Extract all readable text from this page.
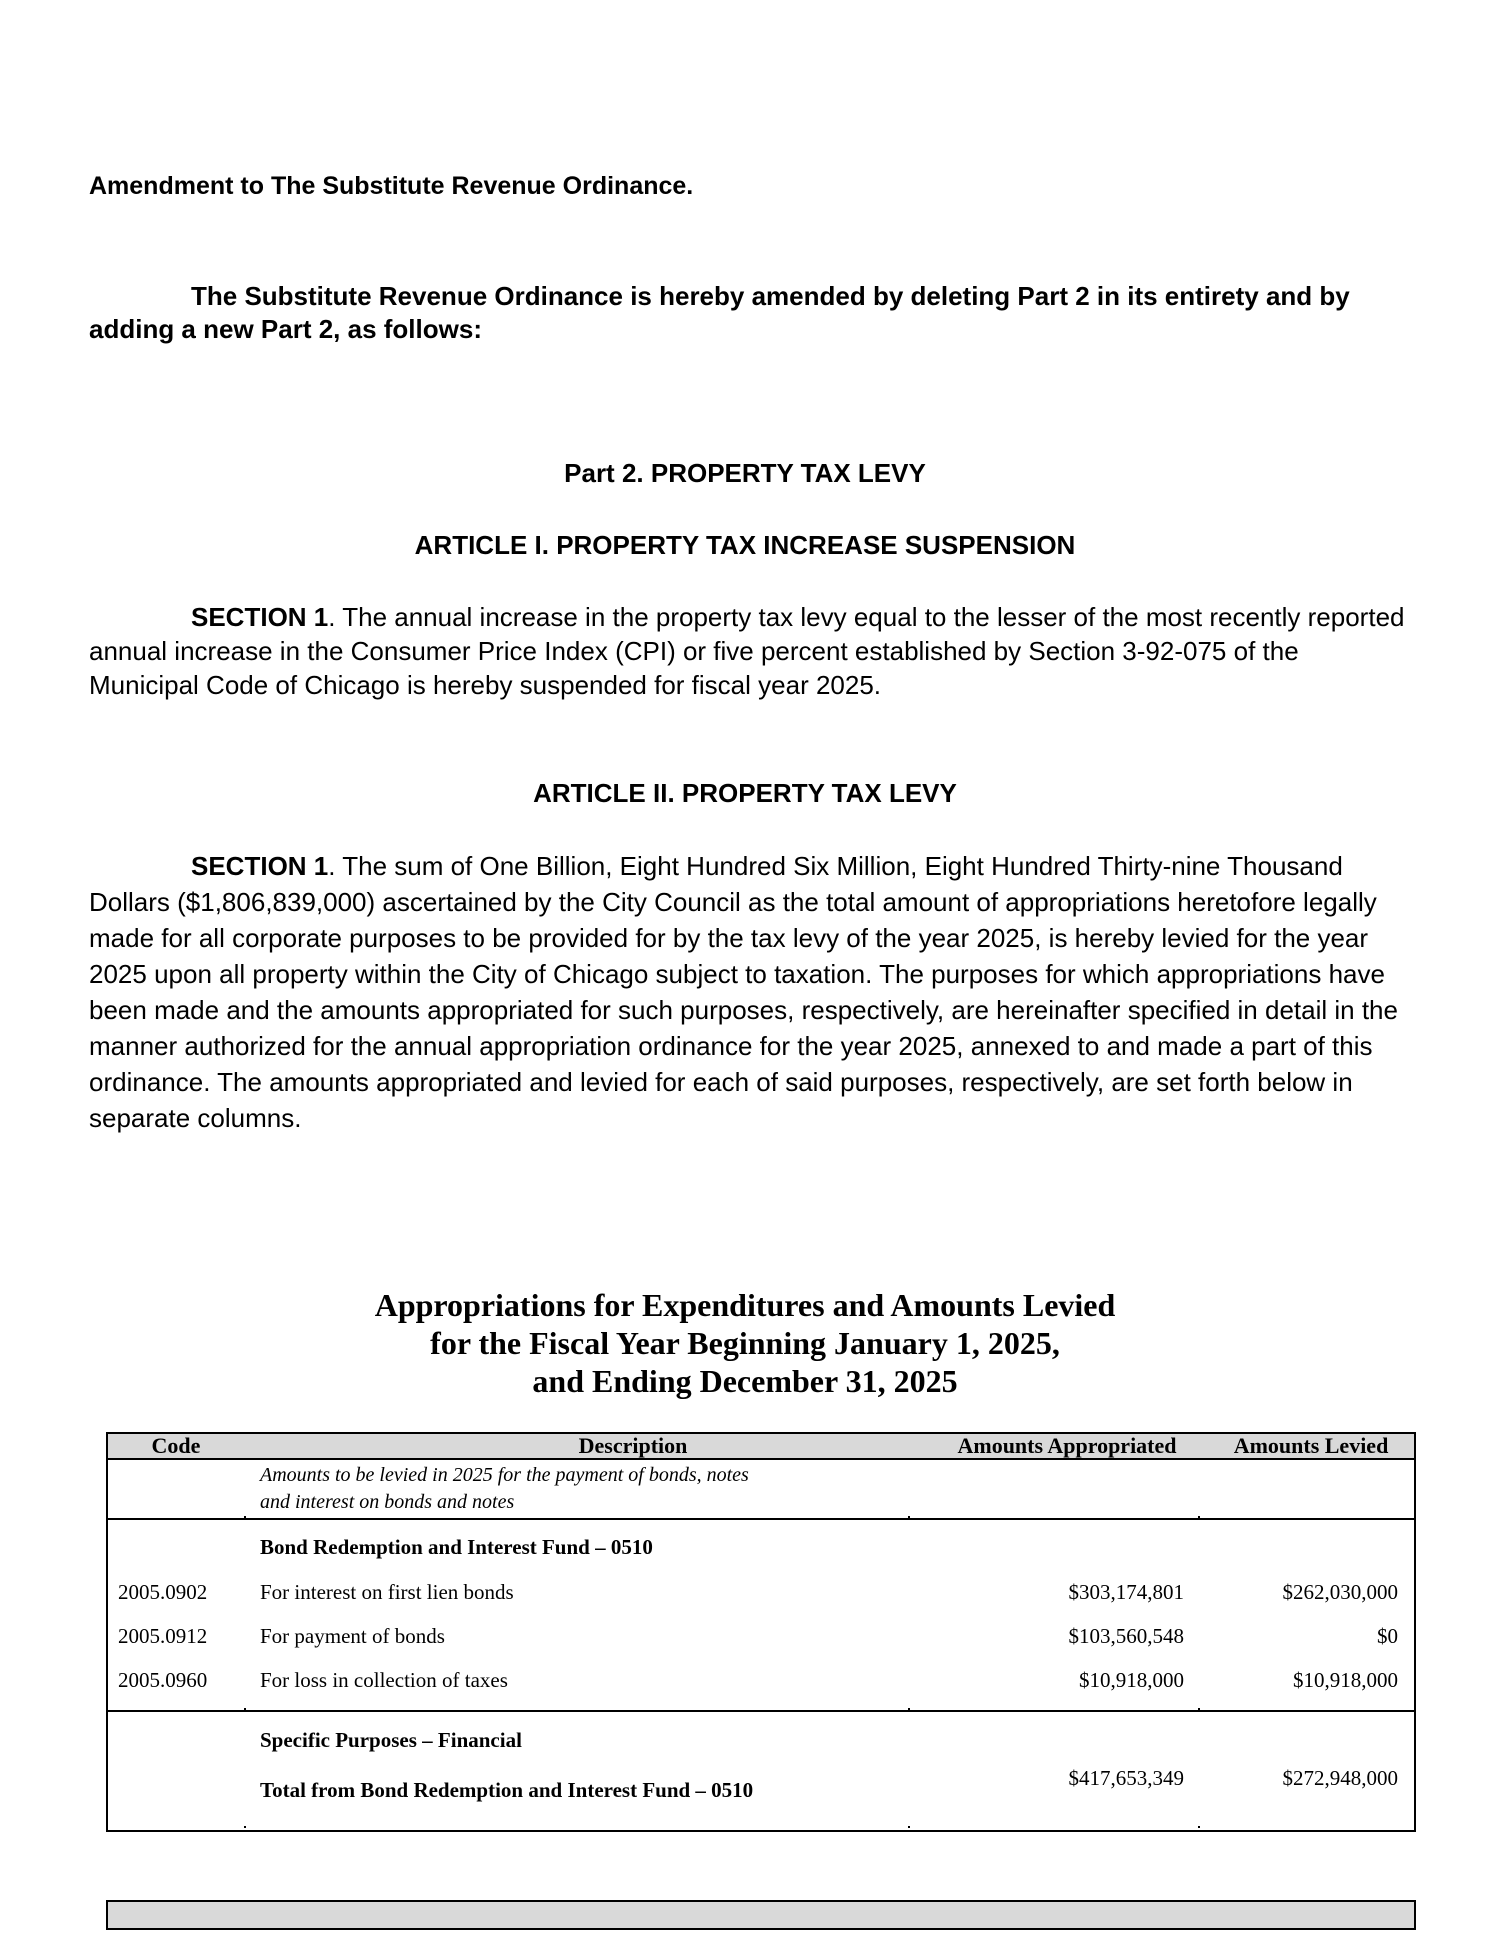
Amendment to The Substitute Revenue Ordinance.
The Substitute Revenue Ordinance is hereby amended by deleting Part 2 in its entirety and by adding a new Part 2, as follows:
Part 2. PROPERTY TAX LEVY
ARTICLE I. PROPERTY TAX INCREASE SUSPENSION
SECTION 1. The annual increase in the property tax levy equal to the lesser of the most recently reported annual increase in the Consumer Price Index (CPI) or five percent established by Section 3-92-075 of the Municipal Code of Chicago is hereby suspended for fiscal year 2025.
ARTICLE II. PROPERTY TAX LEVY
SECTION 1. The sum of One Billion, Eight Hundred Six Million, Eight Hundred Thirty-nine Thousand Dollars ($1,806,839,000) ascertained by the City Council as the total amount of appropriations heretofore legally made for all corporate purposes to be provided for by the tax levy of the year 2025, is hereby levied for the year 2025 upon all property within the City of Chicago subject to taxation. The purposes for which appropriations have been made and the amounts appropriated for such purposes, respectively, are hereinafter specified in detail in the manner authorized for the annual appropriation ordinance for the year 2025, annexed to and made a part of this ordinance. The amounts appropriated and levied for each of said purposes, respectively, are set forth below in separate columns.
Appropriations for Expenditures and Amounts Levied
for the Fiscal Year Beginning January 1, 2025,
and Ending December 31, 2025
Code	Description	Amounts Appropriated	Amounts Levied
Amounts to be levied in 2025 for the payment of bonds, notes
and interest on bonds and notes
Bond Redemption and Interest Fund – 0510
2005.0902	For interest on first lien bonds	$303,174,801	$262,030,000
2005.0912	For payment of bonds	$103,560,548	$0
2005.0960	For loss in collection of taxes	$10,918,000	$10,918,000
Specific Purposes – Financial
Total from Bond Redemption and Interest Fund – 0510	$417,653,349	$272,948,000
